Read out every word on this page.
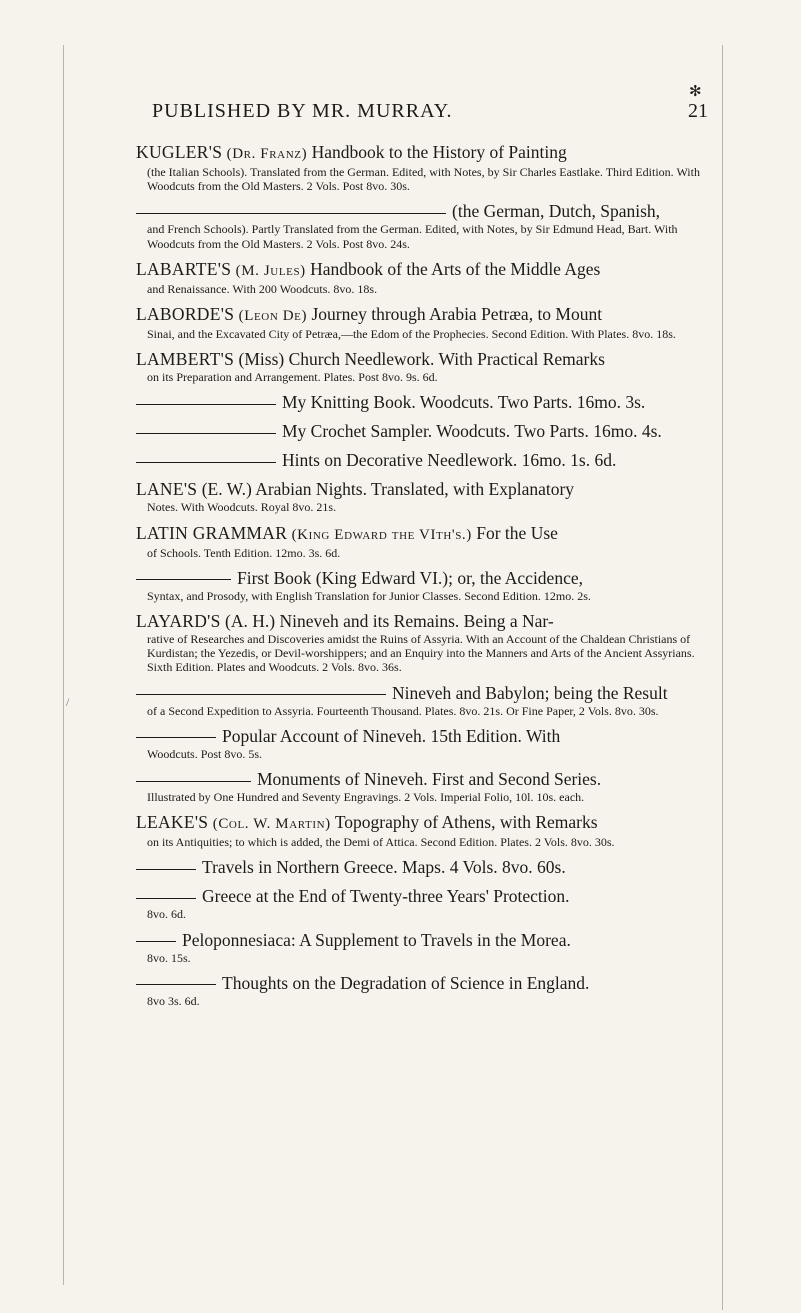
✻
PUBLISHED BY MR. MURRAY.	21
/
KUGLER'S (Dr. Franz) Handbook to the History of Painting
(the Italian Schools). Translated from the German. Edited, with Notes, by Sir Charles Eastlake. Third Edition. With Woodcuts from the Old Masters. 2 Vols. Post 8vo. 30s.
(the German, Dutch, Spanish,
and French Schools). Partly Translated from the German. Edited, with Notes, by Sir Edmund Head, Bart. With Woodcuts from the Old Masters. 2 Vols. Post 8vo. 24s.
LABARTE'S (M. Jules) Handbook of the Arts of the Middle Ages
and Renaissance. With 200 Woodcuts. 8vo. 18s.
LABORDE'S (Leon De) Journey through Arabia Petræa, to Mount
Sinai, and the Excavated City of Petræa,—the Edom of the Prophecies. Second Edition. With Plates. 8vo. 18s.
LAMBERT'S (Miss) Church Needlework. With Practical Remarks
on its Preparation and Arrangement. Plates. Post 8vo. 9s. 6d.
My Knitting Book. Woodcuts. Two Parts. 16mo. 3s.
My Crochet Sampler. Woodcuts. Two Parts. 16mo. 4s.
Hints on Decorative Needlework. 16mo. 1s. 6d.
LANE'S (E. W.) Arabian Nights. Translated, with Explanatory
Notes. With Woodcuts. Royal 8vo. 21s.
LATIN GRAMMAR (King Edward the VIth's.) For the Use
of Schools. Tenth Edition. 12mo. 3s. 6d.
First Book (King Edward VI.); or, the Accidence,
Syntax, and Prosody, with English Translation for Junior Classes. Second Edition. 12mo. 2s.
LAYARD'S (A. H.) Nineveh and its Remains. Being a Nar-
rative of Researches and Discoveries amidst the Ruins of Assyria. With an Account of the Chaldean Christians of Kurdistan; the Yezedis, or Devil-worshippers; and an Enquiry into the Manners and Arts of the Ancient Assyrians. Sixth Edition. Plates and Woodcuts. 2 Vols. 8vo. 36s.
Nineveh and Babylon; being the Result
of a Second Expedition to Assyria. Fourteenth Thousand. Plates. 8vo. 21s. Or Fine Paper, 2 Vols. 8vo. 30s.
Popular Account of Nineveh. 15th Edition. With
Woodcuts. Post 8vo. 5s.
Monuments of Nineveh. First and Second Series.
Illustrated by One Hundred and Seventy Engravings. 2 Vols. Imperial Folio, 10l. 10s. each.
LEAKE'S (Col. W. Martin) Topography of Athens, with Remarks
on its Antiquities; to which is added, the Demi of Attica. Second Edition. Plates. 2 Vols. 8vo. 30s.
Travels in Northern Greece. Maps. 4 Vols. 8vo. 60s.
Greece at the End of Twenty-three Years' Protection.
8vo. 6d.
Peloponnesiaca: A Supplement to Travels in the Morea.
8vo. 15s.
Thoughts on the Degradation of Science in England.
8vo 3s. 6d.
